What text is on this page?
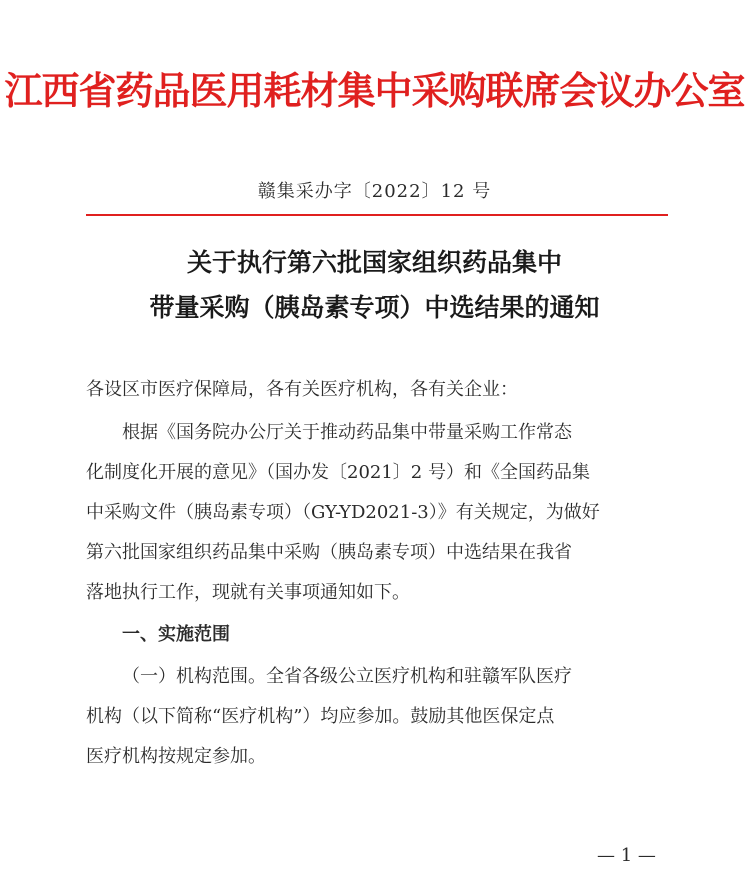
江西省药品医用耗材集中采购联席会议办公室
赣集采办字〔2022〕12 号
关于执行第六批国家组织药品集中
带量采购（胰岛素专项）中选结果的通知
各设区市医疗保障局，各有关医疗机构，各有关企业：
根据《国务院办公厅关于推动药品集中带量采购工作常态
化制度化开展的意见》（国办发〔2021〕2 号）和《全国药品集
中采购文件（胰岛素专项）（GY-YD2021-3）》有关规定，为做好
第六批国家组织药品集中采购（胰岛素专项）中选结果在我省
落地执行工作，现就有关事项通知如下。
一、实施范围
（一）机构范围。全省各级公立医疗机构和驻赣军队医疗
机构（以下简称“医疗机构”）均应参加。鼓励其他医保定点
医疗机构按规定参加。
— 1 —
